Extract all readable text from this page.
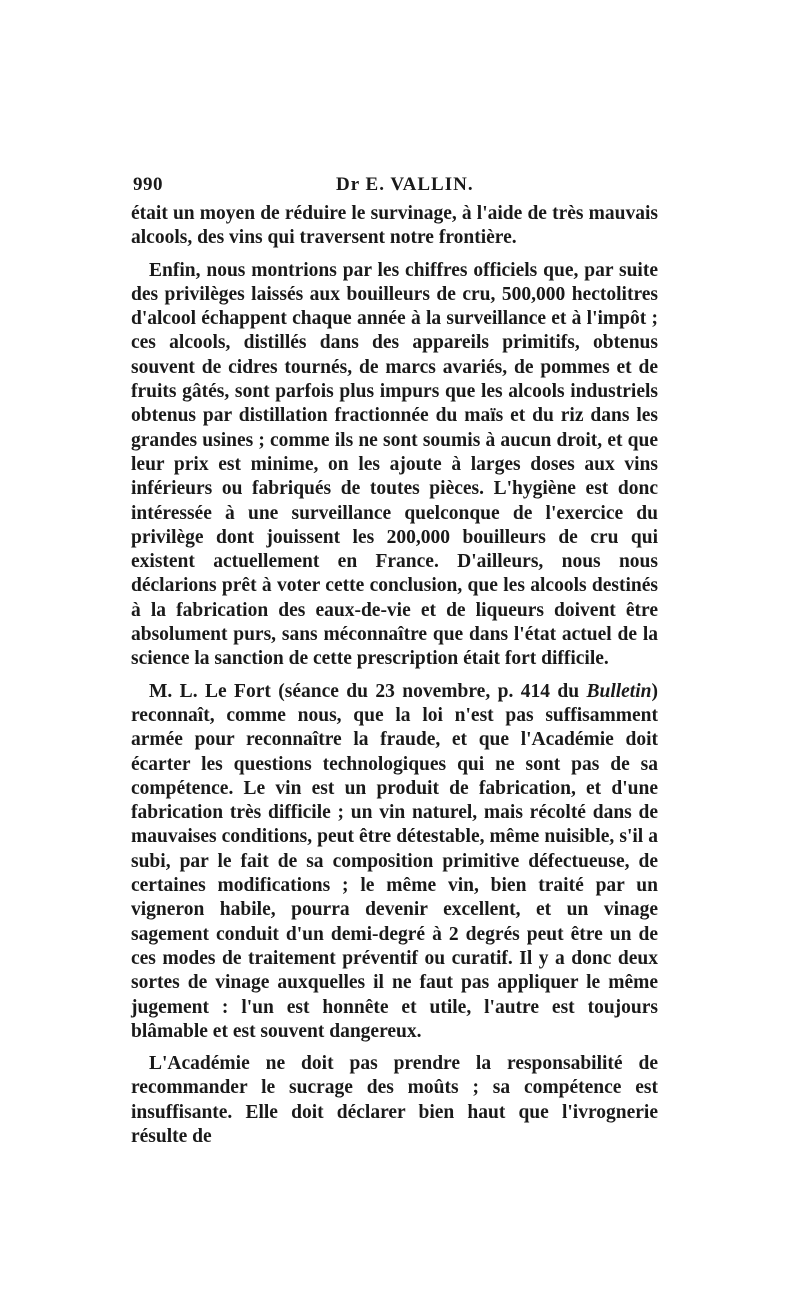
990	Dr E. VALLIN.

était un moyen de réduire le survinage, à l'aide de très mauvais alcools, des vins qui traversent notre frontière.

Enfin, nous montrions par les chiffres officiels que, par suite des privilèges laissés aux bouilleurs de cru, 500,000 hectolitres d'alcool échappent chaque année à la surveillance et à l'impôt ; ces alcools, distillés dans des appareils primitifs, obtenus souvent de cidres tournés, de marcs avariés, de pommes et de fruits gâtés, sont parfois plus impurs que les alcools industriels obtenus par distillation fractionnée du maïs et du riz dans les grandes usines ; comme ils ne sont soumis à aucun droit, et que leur prix est minime, on les ajoute à larges doses aux vins inférieurs ou fabriqués de toutes pièces. L'hygiène est donc intéressée à une surveillance quelconque de l'exercice du privilège dont jouissent les 200,000 bouilleurs de cru qui existent actuellement en France. D'ailleurs, nous nous déclarions prêt à voter cette conclusion, que les alcools destinés à la fabrication des eaux-de-vie et de liqueurs doivent être absolument purs, sans méconnaître que dans l'état actuel de la science la sanction de cette prescription était fort difficile.

M. L. Le Fort (séance du 23 novembre, p. 414 du Bulletin) reconnaît, comme nous, que la loi n'est pas suffisamment armée pour reconnaître la fraude, et que l'Académie doit écarter les questions technologiques qui ne sont pas de sa compétence. Le vin est un produit de fabrication, et d'une fabrication très difficile ; un vin naturel, mais récolté dans de mauvaises conditions, peut être détestable, même nuisible, s'il a subi, par le fait de sa composition primitive défectueuse, de certaines modifications ; le même vin, bien traité par un vigneron habile, pourra devenir excellent, et un vinage sagement conduit d'un demi-degré à 2 degrés peut être un de ces modes de traitement préventif ou curatif. Il y a donc deux sortes de vinage auxquelles il ne faut pas appliquer le même jugement : l'un est honnête et utile, l'autre est toujours blâmable et est souvent dangereux.

L'Académie ne doit pas prendre la responsabilité de recommander le sucrage des moûts ; sa compétence est insuffisante. Elle doit déclarer bien haut que l'ivrognerie résulte de
